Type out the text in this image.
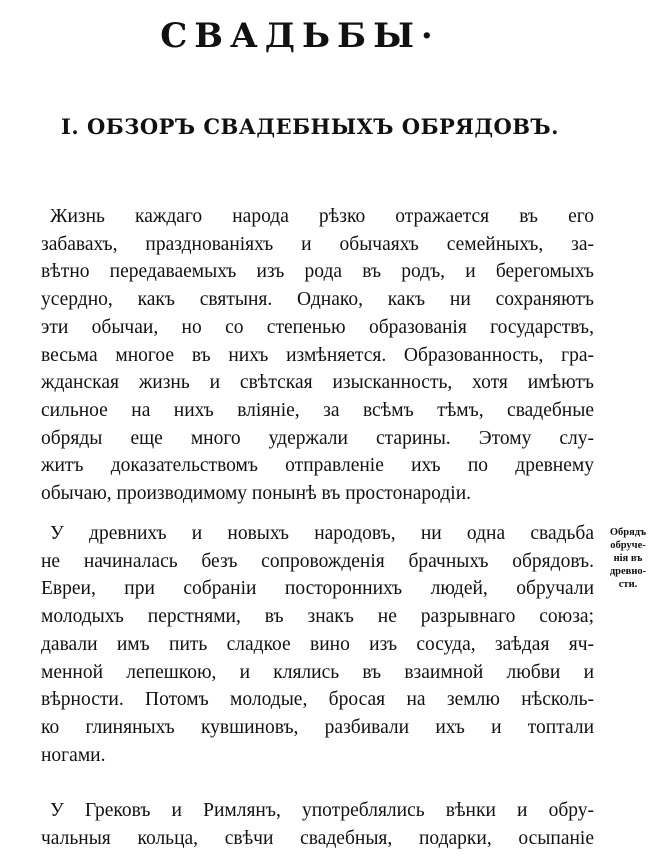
СВАДЬБЫ·
I. ОБЗОРЪ СВАДЕБНЫХЪ ОБРЯДОВЪ.
Жизнь каждаго народа рѣзко отражается въ его
забавахъ, празднованіяхъ и обычаяхъ семейныхъ, за-
вѣтно передаваемыхъ изъ рода въ родъ, и берегомыхъ
усердно, какъ святыня. Однако, какъ ни сохраняютъ
эти обычаи, но со степенью образованія государствъ,
весьма многое въ нихъ измѣняется. Образованность, гра-
жданская жизнь и свѣтская изысканность, хотя имѣютъ
сильное на нихъ вліяніе, за всѣмъ тѣмъ, свадебные
обряды еще много удержали старины. Этому слу-
житъ доказательствомъ отправленіе ихъ по древнему
обычаю, производимому понынѣ въ простонародіи.
У древнихъ и новыхъ народовъ, ни одна свадьба
не начиналась безъ сопровожденія брачныхъ обрядовъ.
Евреи, при собраніи постороннихъ людей, обручали
молодыхъ перстнями, въ знакъ не разрывнаго союза;
давали имъ пить сладкое вино изъ сосуда, заѣдая яч-
менной лепешкою, и клялись въ взаимной любви и
вѣрности. Потомъ молодые, бросая на землю нѣсколь-
ко глиняныхъ кувшиновъ, разбивали ихъ и топтали
ногами.
У Грековъ и Римлянъ, употреблялись вѣнки и обру-
чальныя кольца, свѣчи свадебныя, подарки, осыпаніе
Обрядъ
обруче-
нія въ
древно-
сти.
